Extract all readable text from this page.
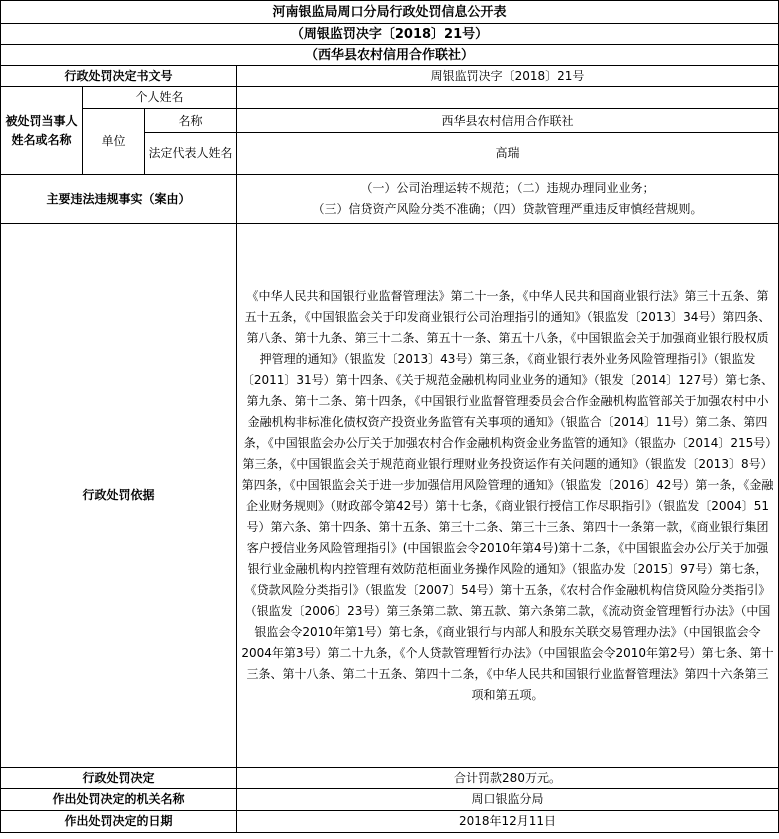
河南银监局周口分局行政处罚信息公开表			
（周银监罚决字〔2018〕21号）			
（西华县农村信用合作联社）			
行政处罚决定书文号			周银监罚决字〔2018〕21号
被处罚当事人姓名或名称	个人姓名		
	单位		
		名称	西华县农村信用合作联社
		法定代表人姓名	高瑞
主要违法违规事实（案由）			（一）公司治理运转不规范；（二）违规办理同业业务；
（三）信贷资产风险分类不准确；（四）贷款管理严重违反审慎经营规则。

行政处罚依据			《中华人民共和国银行业监督管理法》第二十一条，《中华人民共和国商业银行法》第三十五条、第五十五条，《中国银监会关于印发商业银行公司治理指引的通知》（银监发〔2013〕34号）第四条、第八条、第十九条、第三十二条、第五十一条、第五十八条，《中国银监会关于加强商业银行股权质押管理的通知》（银监发〔2013〕43号）第三条，《商业银行表外业务风险管理指引》（银监发〔2011〕31号）第十四条、《关于规范金融机构同业业务的通知》（银发〔2014〕127号）第七条、第九条、第十二条、第十四条，《中国银行业监督管理委员会合作金融机构监管部关于加强农村中小金融机构非标准化债权资产投资业务监管有关事项的通知》（银监合〔2014〕11号）第二条、第四条，《中国银监会办公厅关于加强农村合作金融机构资金业务监管的通知》（银监办〔2014〕215号）第三条，《中国银监会关于规范商业银行理财业务投资运作有关问题的通知》（银监发〔2013〕8号）第四条，《中国银监会关于进一步加强信用风险管理的通知》（银监发〔2016〕42号）第一条，《金融企业财务规则》（财政部令第42号）第十七条，《商业银行授信工作尽职指引》（银监发〔2004〕51号）第六条、第十四条、第十五条、第三十二条、第三十三条、第四十一条第一款，《商业银行集团客户授信业务风险管理指引》(中国银监会令2010年第4号)第十二条，《中国银监会办公厅关于加强银行业金融机构内控管理有效防范柜面业务操作风险的通知》（银监办发〔2015〕97号）第七条，《贷款风险分类指引》（银监发〔2007〕54号）第十五条，《农村合作金融机构信贷风险分类指引》（银监发〔2006〕23号）第三条第二款、第五款、第六条第二款，《流动资金管理暂行办法》（中国银监会令2010年第1号）第七条，《商业银行与内部人和股东关联交易管理办法》（中国银监会令2004年第3号）第二十九条，《个人贷款管理暂行办法》（中国银监会令2010年第2号）第七条、第十三条、第十八条、第二十五条、第四十二条，《中华人民共和国银行业监督管理法》第四十六条第三项和第五项。
行政处罚决定			合计罚款280万元。
作出处罚决定的机关名称			周口银监分局
作出处罚决定的日期			2018年12月11日
